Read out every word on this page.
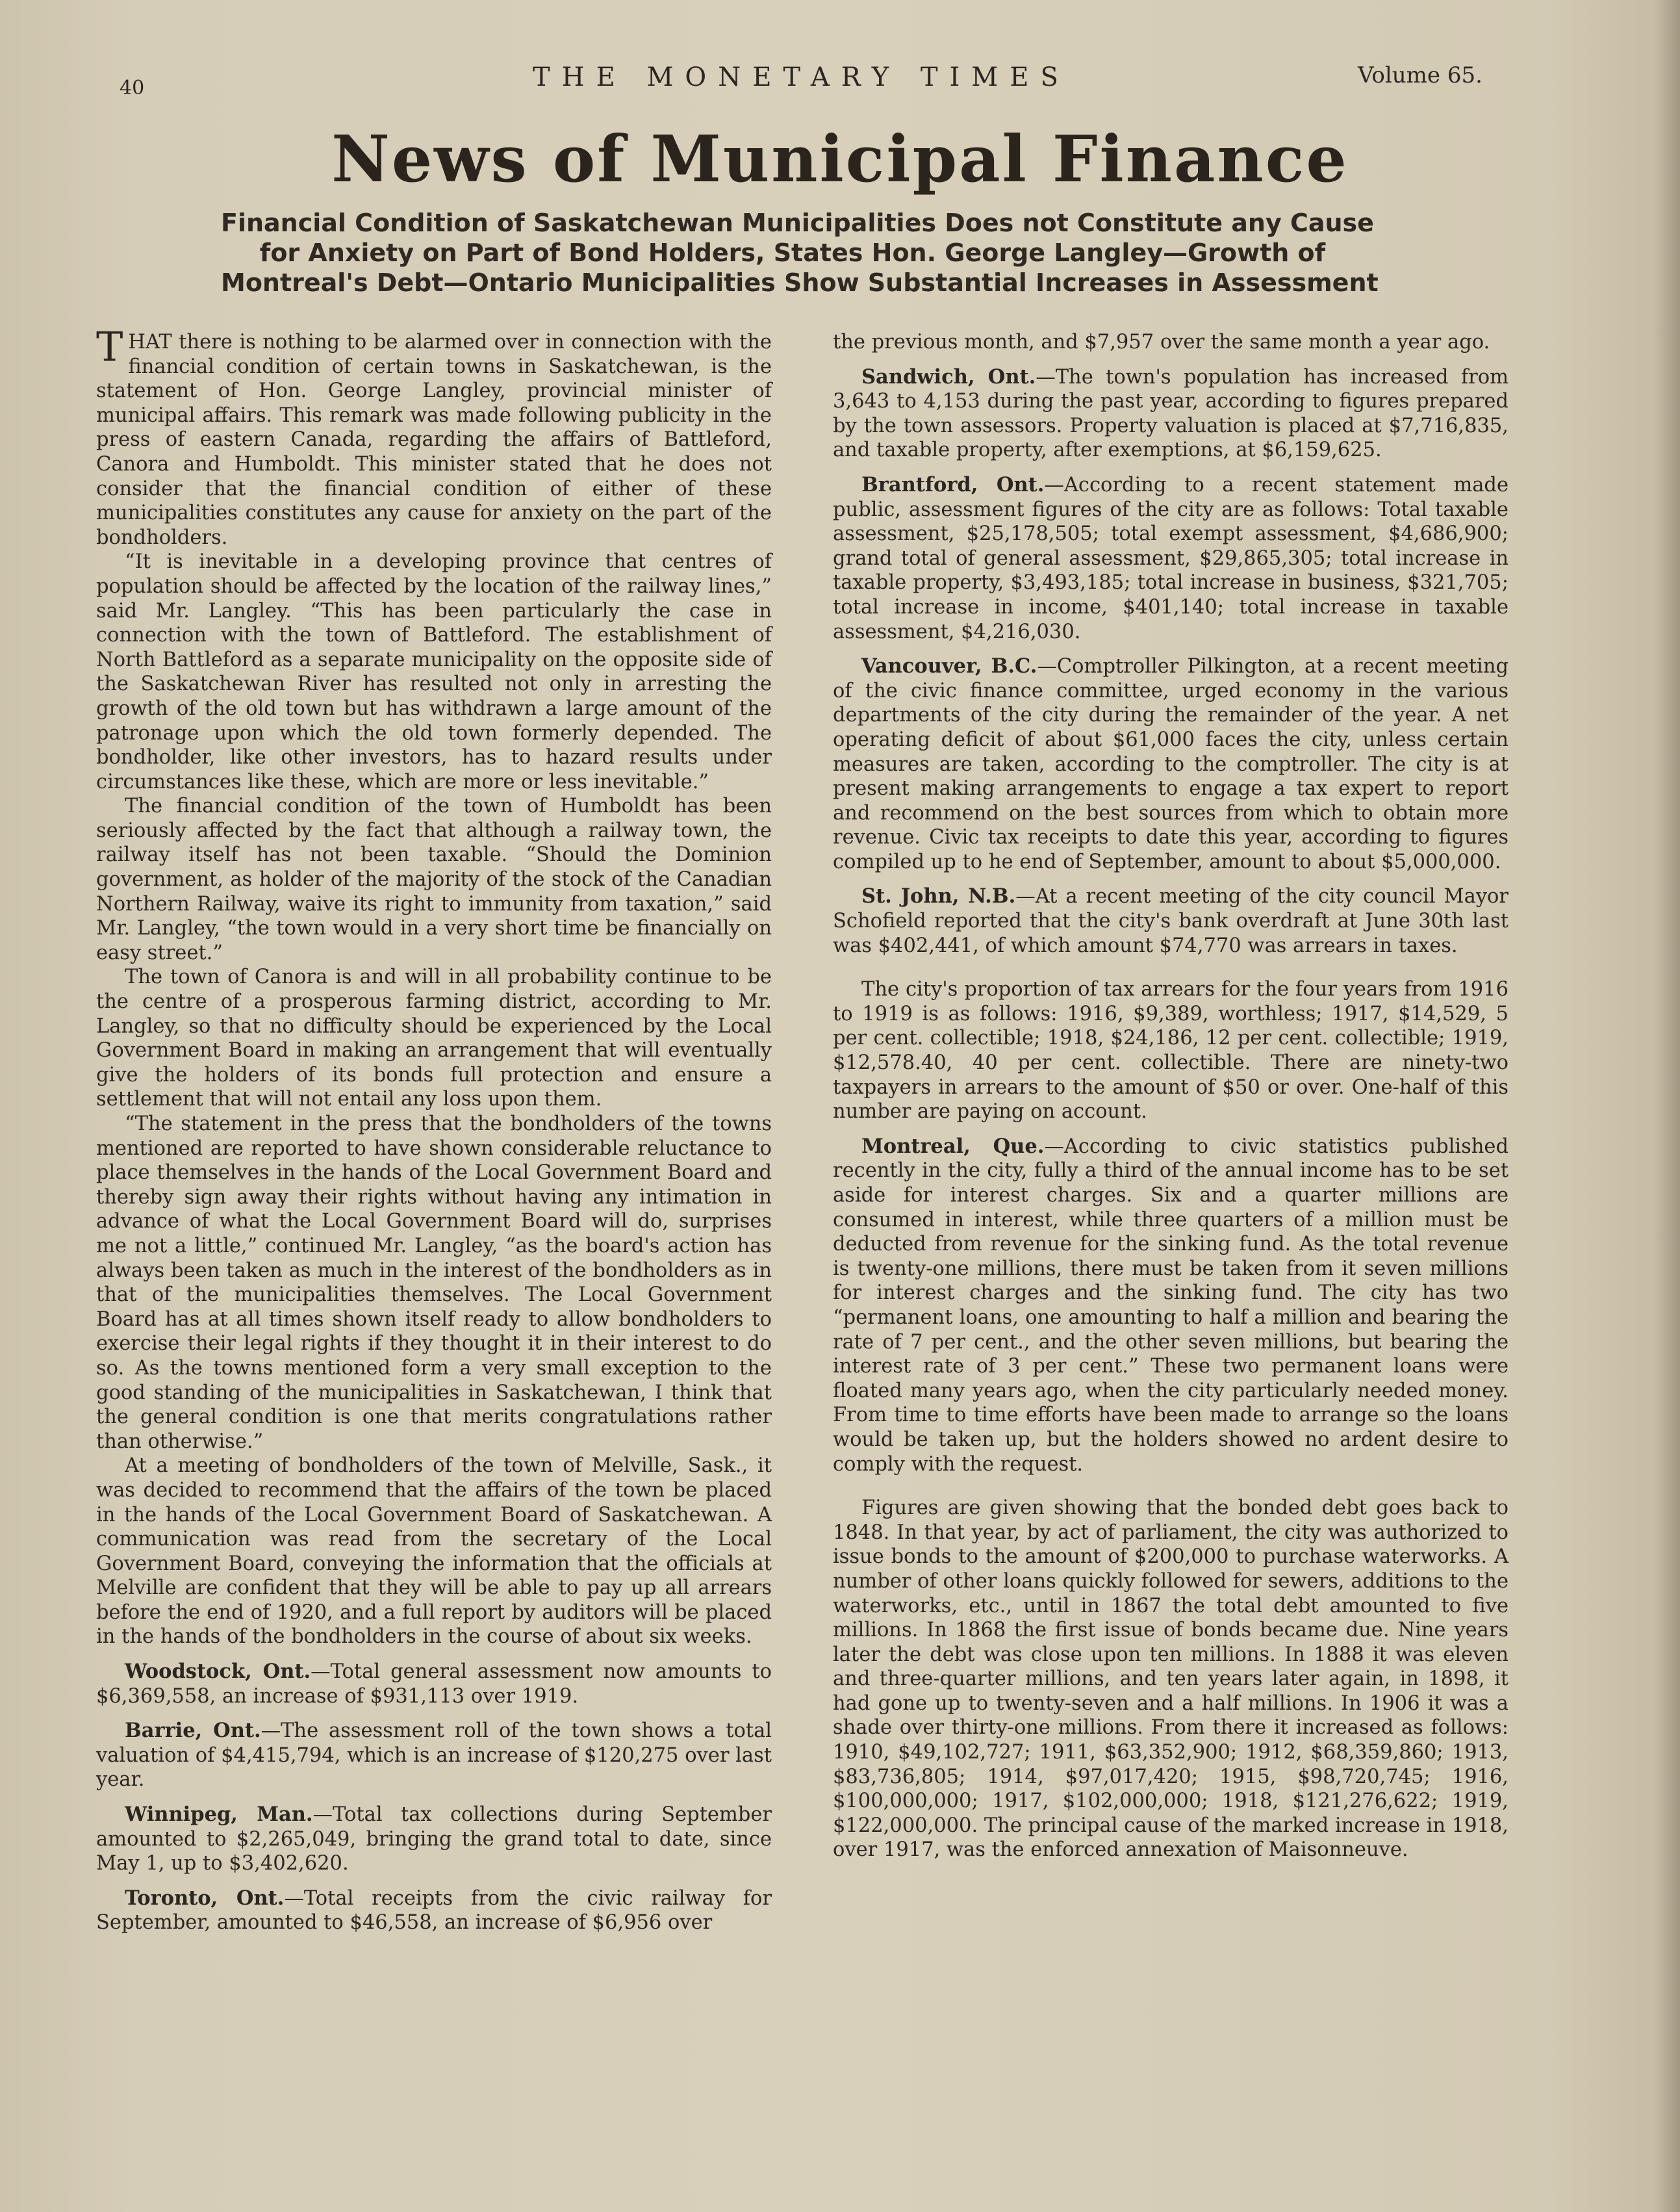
40	THE MONETARY TIMES	Volume 65.
News of Municipal Finance
Financial Condition of Saskatchewan Municipalities Does not Constitute any Cause
for Anxiety on Part of Bond Holders, States Hon. George Langley—Growth of
Montreal's Debt—Ontario Municipalities Show Substantial Increases in Assessment

THAT there is nothing to be alarmed over in connection with the financial condition of certain towns in Saskatchewan, is the statement of Hon. George Langley, provincial minister of municipal affairs. This remark was made following publicity in the press of eastern Canada, regarding the affairs of Battleford, Canora and Humboldt. This minister stated that he does not consider that the financial condition of either of these municipalities constitutes any cause for anxiety on the part of the bondholders.

“It is inevitable in a developing province that centres of population should be affected by the location of the railway lines,” said Mr. Langley. “This has been particularly the case in connection with the town of Battleford. The establishment of North Battleford as a separate municipality on the opposite side of the Saskatchewan River has resulted not only in arresting the growth of the old town but has withdrawn a large amount of the patronage upon which the old town formerly depended. The bondholder, like other investors, has to hazard results under circumstances like these, which are more or less inevitable.”

The financial condition of the town of Humboldt has been seriously affected by the fact that although a railway town, the railway itself has not been taxable. “Should the Dominion government, as holder of the majority of the stock of the Canadian Northern Railway, waive its right to immunity from taxation,” said Mr. Langley, “the town would in a very short time be financially on easy street.”

The town of Canora is and will in all probability continue to be the centre of a prosperous farming district, according to Mr. Langley, so that no difficulty should be experienced by the Local Government Board in making an arrangement that will eventually give the holders of its bonds full protection and ensure a settlement that will not entail any loss upon them.

“The statement in the press that the bondholders of the towns mentioned are reported to have shown considerable reluctance to place themselves in the hands of the Local Government Board and thereby sign away their rights without having any intimation in advance of what the Local Government Board will do, surprises me not a little,” continued Mr. Langley, “as the board's action has always been taken as much in the interest of the bondholders as in that of the municipalities themselves. The Local Government Board has at all times shown itself ready to allow bondholders to exercise their legal rights if they thought it in their interest to do so. As the towns mentioned form a very small exception to the good standing of the municipalities in Saskatchewan, I think that the general condition is one that merits congratulations rather than otherwise.”

At a meeting of bondholders of the town of Melville, Sask., it was decided to recommend that the affairs of the town be placed in the hands of the Local Government Board of Saskatchewan. A communication was read from the secretary of the Local Government Board, conveying the information that the officials at Melville are confident that they will be able to pay up all arrears before the end of 1920, and a full report by auditors will be placed in the hands of the bondholders in the course of about six weeks.

Woodstock, Ont.—Total general assessment now amounts to $6,369,558, an increase of $931,113 over 1919.

Barrie, Ont.—The assessment roll of the town shows a total valuation of $4,415,794, which is an increase of $120,275 over last year.

Winnipeg, Man.—Total tax collections during September amounted to $2,265,049, bringing the grand total to date, since May 1, up to $3,402,620.

Toronto, Ont.—Total receipts from the civic railway for September, amounted to $46,558, an increase of $6,956 over

the previous month, and $7,957 over the same month a year ago.

Sandwich, Ont.—The town's population has increased from 3,643 to 4,153 during the past year, according to figures prepared by the town assessors. Property valuation is placed at $7,716,835, and taxable property, after exemptions, at $6,159,625.

Brantford, Ont.—According to a recent statement made public, assessment figures of the city are as follows: Total taxable assessment, $25,178,505; total exempt assessment, $4,686,900; grand total of general assessment, $29,865,305; total increase in taxable property, $3,493,185; total increase in business, $321,705; total increase in income, $401,140; total increase in taxable assessment, $4,216,030.

Vancouver, B.C.—Comptroller Pilkington, at a recent meeting of the civic finance committee, urged economy in the various departments of the city during the remainder of the year. A net operating deficit of about $61,000 faces the city, unless certain measures are taken, according to the comptroller. The city is at present making arrangements to engage a tax expert to report and recommend on the best sources from which to obtain more revenue. Civic tax receipts to date this year, according to figures compiled up to he end of September, amount to about $5,000,000.

St. John, N.B.—At a recent meeting of the city council Mayor Schofield reported that the city's bank overdraft at June 30th last was $402,441, of which amount $74,770 was arrears in taxes.

The city's proportion of tax arrears for the four years from 1916 to 1919 is as follows: 1916, $9,389, worthless; 1917, $14,529, 5 per cent. collectible; 1918, $24,186, 12 per cent. collectible; 1919, $12,578.40, 40 per cent. collectible. There are ninety-two taxpayers in arrears to the amount of $50 or over. One-half of this number are paying on account.

Montreal, Que.—According to civic statistics published recently in the city, fully a third of the annual income has to be set aside for interest charges. Six and a quarter millions are consumed in interest, while three quarters of a million must be deducted from revenue for the sinking fund. As the total revenue is twenty-one millions, there must be taken from it seven millions for interest charges and the sinking fund. The city has two “permanent loans, one amounting to half a million and bearing the rate of 7 per cent., and the other seven millions, but bearing the interest rate of 3 per cent.” These two permanent loans were floated many years ago, when the city particularly needed money. From time to time efforts have been made to arrange so the loans would be taken up, but the holders showed no ardent desire to comply with the request.

Figures are given showing that the bonded debt goes back to 1848. In that year, by act of parliament, the city was authorized to issue bonds to the amount of $200,000 to purchase waterworks. A number of other loans quickly followed for sewers, additions to the waterworks, etc., until in 1867 the total debt amounted to five millions. In 1868 the first issue of bonds became due. Nine years later the debt was close upon ten millions. In 1888 it was eleven and three-quarter millions, and ten years later again, in 1898, it had gone up to twenty-seven and a half millions. In 1906 it was a shade over thirty-one millions. From there it increased as follows: 1910, $49,102,727; 1911, $63,352,900; 1912, $68,359,860; 1913, $83,736,805; 1914, $97,017,420; 1915, $98,720,745; 1916, $100,000,000; 1917, $102,000,000; 1918, $121,276,622; 1919, $122,000,000. The principal cause of the marked increase in 1918, over 1917, was the enforced annexation of Maisonneuve.
